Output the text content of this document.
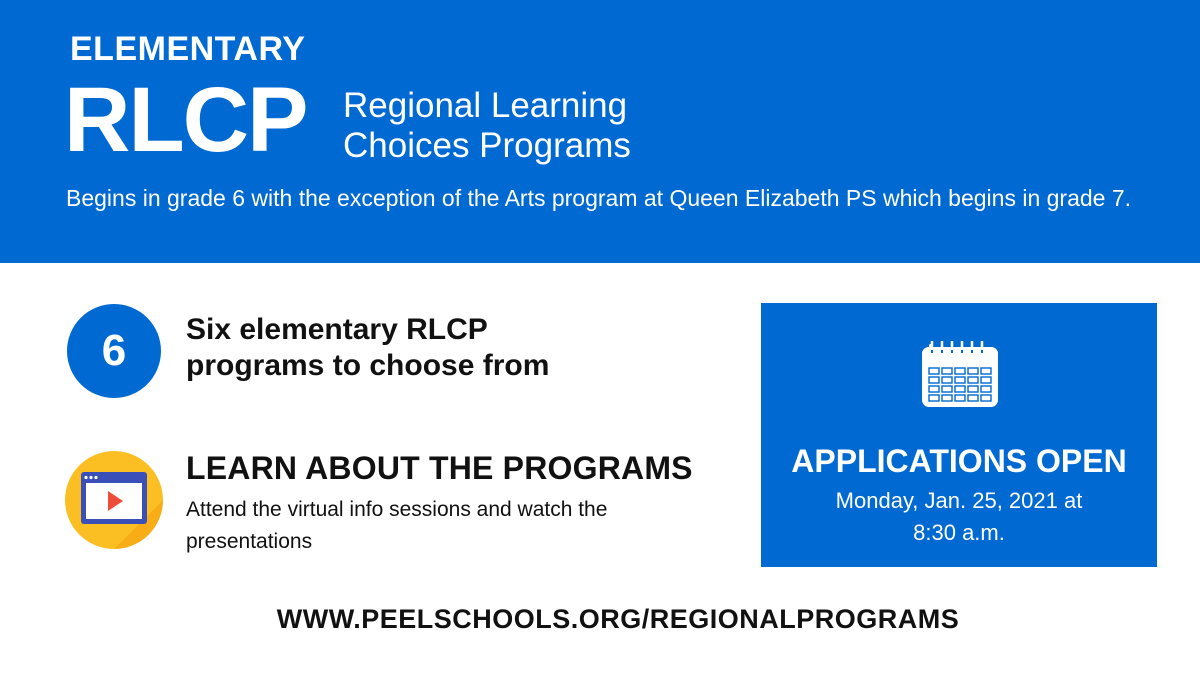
ELEMENTARY
RLCP Regional Learning
Choices Programs
Begins in grade 6 with the exception of the Arts program at Queen Elizabeth PS which begins in grade 7.
6	Six elementary RLCP
programs to choose from
LEARN ABOUT THE PROGRAMS
Attend the virtual info sessions and watch the presentations
APPLICATIONS OPEN
Monday, Jan. 25, 2021 at
8:30 a.m.
WWW.PEELSCHOOLS.ORG/REGIONALPROGRAMS
